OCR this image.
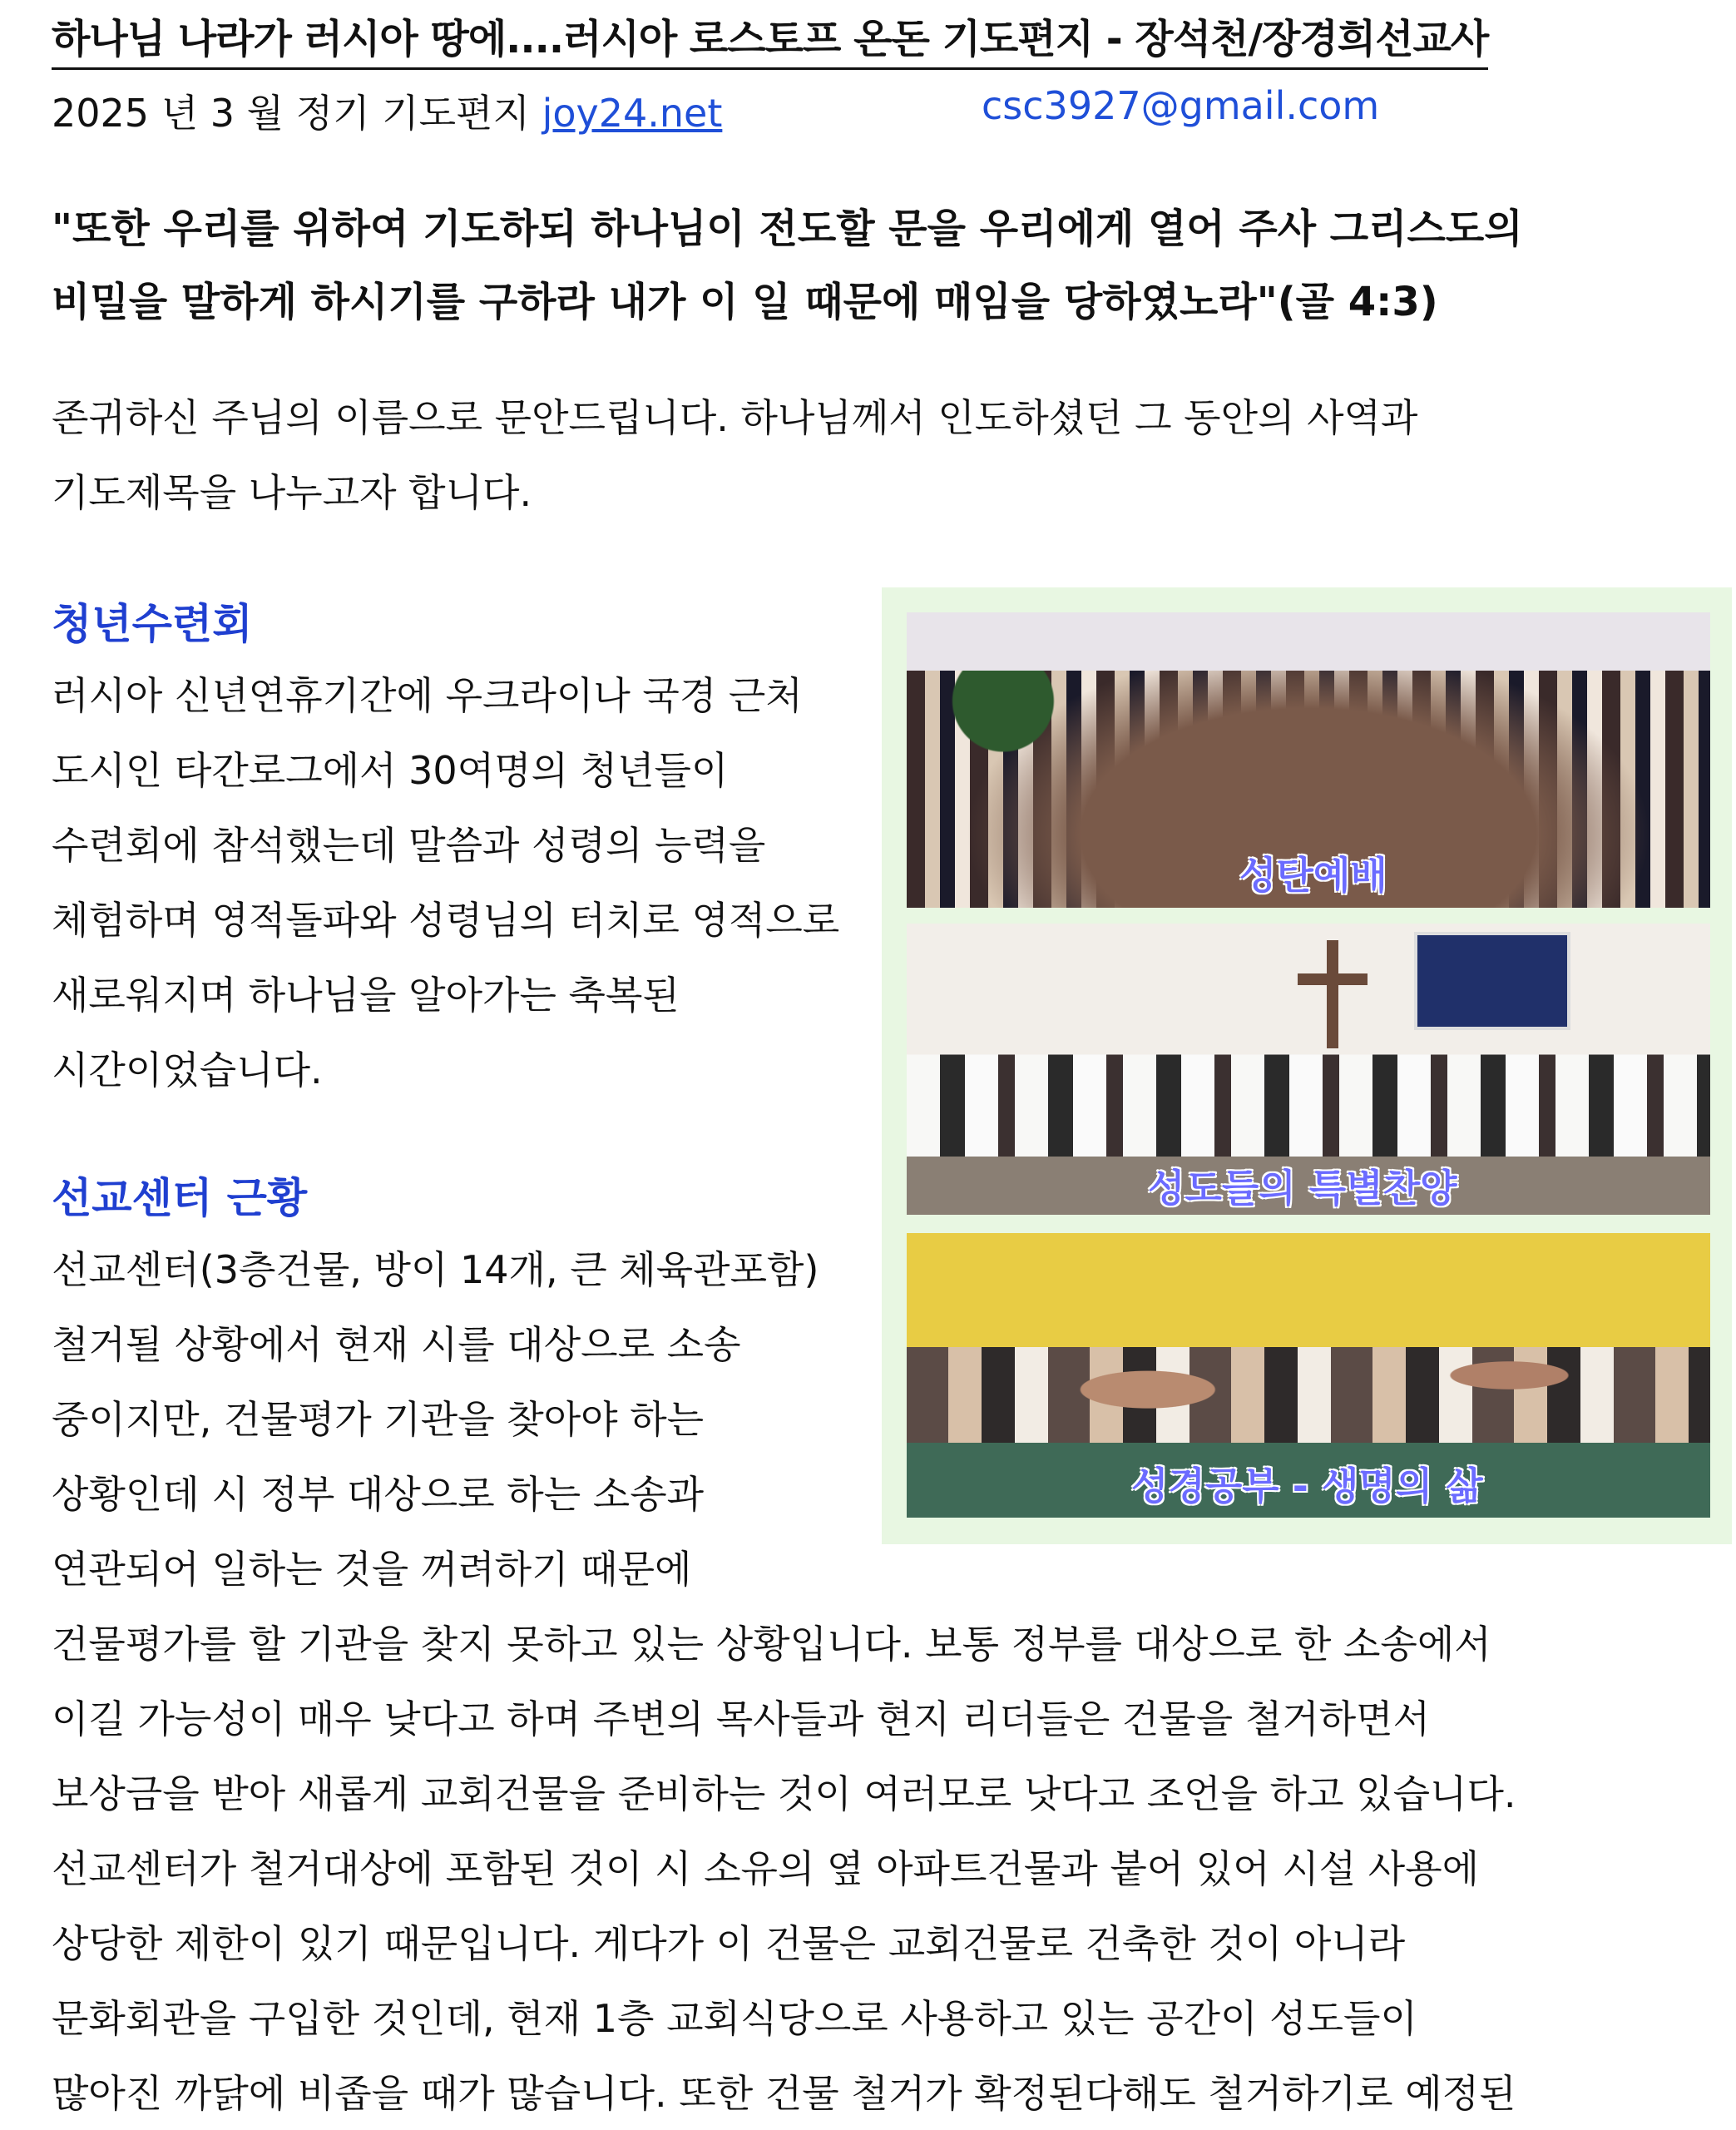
하나님 나라가 러시아 땅에....러시아 로스토프 온돈 기도편지 - 장석천/장경희선교사
2025 년 3 월 정기 기도편지 joy24.net	csc3927@gmail.com
"또한 우리를 위하여 기도하되 하나님이 전도할 문을 우리에게 열어 주사 그리스도의
비밀을 말하게 하시기를 구하라 내가 이 일 때문에 매임을 당하였노라"(골 4:3)
존귀하신 주님의 이름으로 문안드립니다. 하나님께서 인도하셨던 그 동안의 사역과
기도제목을 나누고자 합니다.
청년수련회
러시아 신년연휴기간에 우크라이나 국경 근처
도시인 타간로그에서 30여명의 청년들이
수련회에 참석했는데 말씀과 성령의 능력을
체험하며 영적돌파와 성령님의 터치로 영적으로
새로워지며 하나님을 알아가는 축복된
시간이었습니다.
선교센터 근황
선교센터(3층건물, 방이 14개, 큰 체육관포함)
철거될 상황에서 현재 시를 대상으로 소송
중이지만, 건물평가 기관을 찾아야 하는
상황인데 시 정부 대상으로 하는 소송과
연관되어 일하는 것을 꺼려하기 때문에
건물평가를 할 기관을 찾지 못하고 있는 상황입니다. 보통 정부를 대상으로 한 소송에서
이길 가능성이 매우 낮다고 하며 주변의 목사들과 현지 리더들은 건물을 철거하면서
보상금을 받아 새롭게 교회건물을 준비하는 것이 여러모로 낫다고 조언을 하고 있습니다.
선교센터가 철거대상에 포함된 것이 시 소유의 옆 아파트건물과 붙어 있어 시설 사용에
상당한 제한이 있기 때문입니다. 게다가 이 건물은 교회건물로 건축한 것이 아니라
문화회관을 구입한 것인데, 현재 1층 교회식당으로 사용하고 있는 공간이 성도들이
많아진 까닭에 비좁을 때가 많습니다. 또한 건물 철거가 확정된다해도 철거하기로 예정된
성탄예배
성도들의 특별찬양
성경공부 - 생명의 삶
